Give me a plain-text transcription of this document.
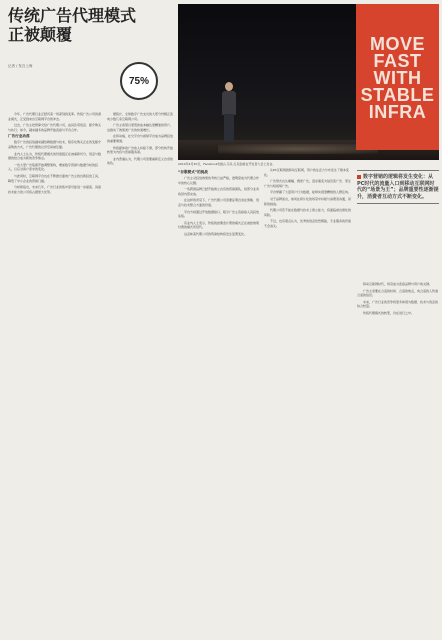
传统广告代理模式
正被颠覆
记者 / 发自上海
75%
MOVE
FAST WITH
STABLE
INFRA
2014年4月30日，Facebook创始人马克·扎克伯格在开发者大会上发言。

今年，广告代理行业正经历着一场深刻的变革。传统广告公司的商业模式，正受到来自互联网平台的冲击。

过去，广告主把预算交给广告代理公司，由其负责创意、媒介购买与执行；如今，越来越多的品牌开始直接与平台合作。

广告行业动荡

数字广告的投放越来越依赖数据与技术，程序化购买正在改变媒介采购的方式，广告代理的议价空间被压缩。

业内人士认为，传统代理模式的价值链正在被重新切分，创意与数据的结合成为新的竞争焦点。

一些大型广告集团开始调整架构，增加数字营销与数据分析的投入，以应对客户需求的变化。

与此同时，互联网平台也在不断推出面向广告主的自助投放工具，降低了中小企业的营销门槛。

分析师指出，未来几年，广告行业的集中度可能进一步提高，具备技术能力的公司将占据更大优势。

据统计，全球数字广告支出的大部分份额正流向少数几家互联网公司。

广告主希望以更低的成本触达更精准的用户，这推动了效果类广告的快速增长。

在移动端，社交平台与视频平台成为品牌投放的重要渠道。

传统媒体的广告收入持续下滑，部分机构开始转型为内容与营销服务商。

业内普遍认为，代理公司需要重新定义自身的角色。

“谷歌模式”的挑战

广告主对投放效果的考核日益严格，透明度成为代理合作中的核心议题。

一些跨国品牌已经开始建立自有的营销团队，将部分业务收回内部完成。

在这样的背景下，广告代理公司需要证明自身在策略、创意与技术整合方面的价值。

平台方则通过开放数据接口，吸引广告主直接接入其投放系统。

有业内人士表示，传统的按佣金计费的模式正在被按效果付费的模式所替代。

这意味着代理公司的利润结构将发生显著变化。

从PC互联网到移动互联网，用户的注意力分布发生了根本变化。

广告形式也从横幅、搜索广告，逐步演变为信息流广告、原生广告与短视频广告。

平台掌握了大量用户行为数据，能够实现更精细的人群定向。

对于品牌而言，如何在碎片化的场景中持续与消费者沟通，是新的挑战。

代理公司若不能在数据与技术上建立能力，将面临被边缘化的风险。

不过，也有观点认为，优秀的创意依然稀缺，专业服务的价值不会消失。

数字营销的逻辑将发生变化：从PC时代的流量入口到移动互联网时代的“场景为王”；品牌重要性逐渐提升，消费者互动方式不断变化。

移动互联网时代，场景成为连接品牌与用户的关键。

广告主需要在合适的时间、合适的地点，向合适的人传递合适的信息。

未来，广告行业的竞争将更多体现为数据、技术与创意的综合较量。

传统代理模式的转型，仍在进行之中。
